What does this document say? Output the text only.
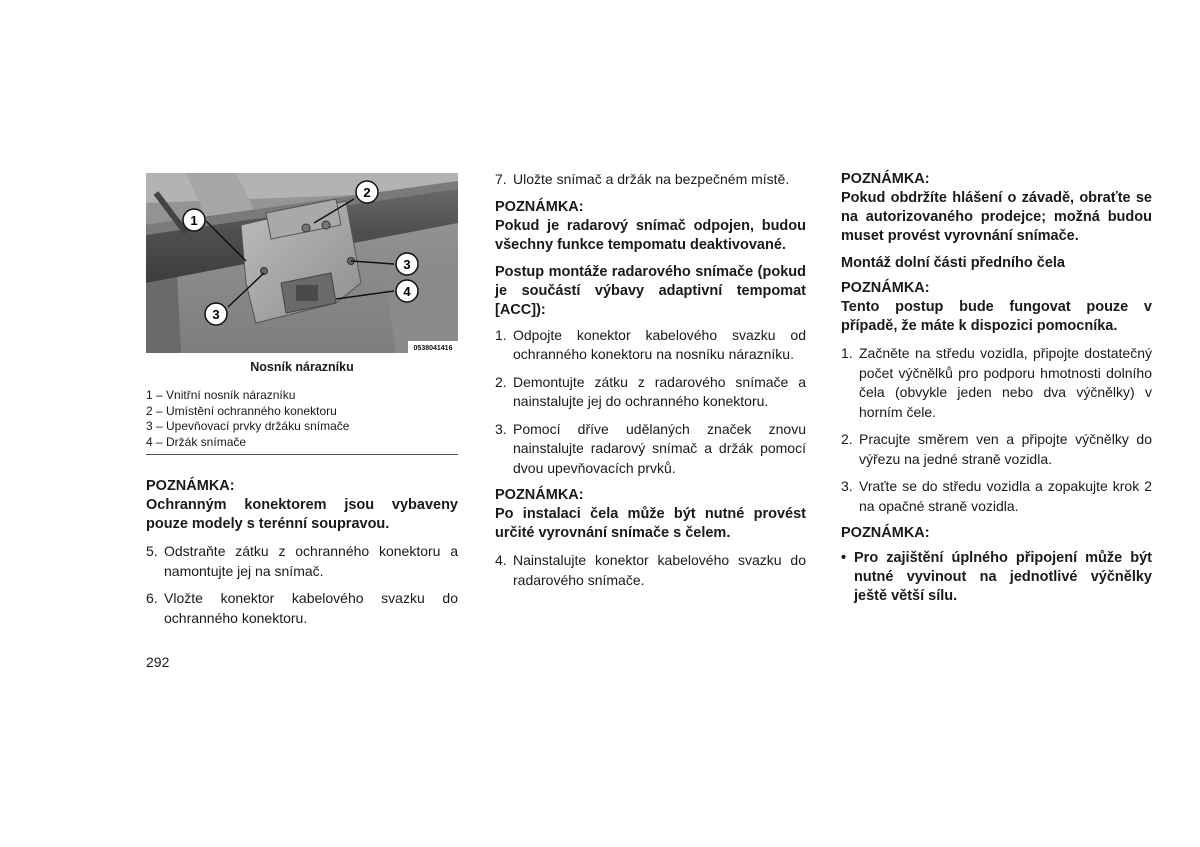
1
2
3
4
3
0538041416
Nosník nárazníku
1 – Vnitřní nosník nárazníku
2 – Umístění ochranného konektoru
3 – Upevňovací prvky držáku snímače
4 – Držák snímače
POZNÁMKA:
Ochranným konektorem jsou vybaveny pouze modely s terénní soupravou.
5. Odstraňte zátku z ochranného konektoru a namontujte jej na snímač.
6. Vložte konektor kabelového svazku do ochranného konektoru.
7. Uložte snímač a držák na bezpečném místě.
POZNÁMKA:
Pokud je radarový snímač odpojen, budou všechny funkce tempomatu deaktivované.
Postup montáže radarového snímače (pokud je součástí výbavy adaptivní tempomat [ACC]):
1. Odpojte konektor kabelového svazku od ochranného konektoru na nosníku nárazníku.
2. Demontujte zátku z radarového snímače a nainstalujte jej do ochranného konektoru.
3. Pomocí dříve udělaných značek znovu nainstalujte radarový snímač a držák pomocí dvou upevňovacích prvků.
POZNÁMKA:
Po instalaci čela může být nutné provést určité vyrovnání snímače s čelem.
4. Nainstalujte konektor kabelového svazku do radarového snímače.
POZNÁMKA:
Pokud obdržíte hlášení o závadě, obraťte se na autorizovaného prodejce; možná budou muset provést vyrovnání snímače.
Montáž dolní části předního čela
POZNÁMKA:
Tento postup bude fungovat pouze v případě, že máte k dispozici pomocníka.
1. Začněte na středu vozidla, připojte dostatečný počet výčnělků pro podporu hmotnosti dolního čela (obvykle jeden nebo dva výčnělky) v horním čele.
2. Pracujte směrem ven a připojte výčnělky do výřezu na jedné straně vozidla.
3. Vraťte se do středu vozidla a zopakujte krok 2 na opačné straně vozidla.
POZNÁMKA:
• Pro zajištění úplného připojení může být nutné vyvinout na jednotlivé výčnělky ještě větší sílu.
292
